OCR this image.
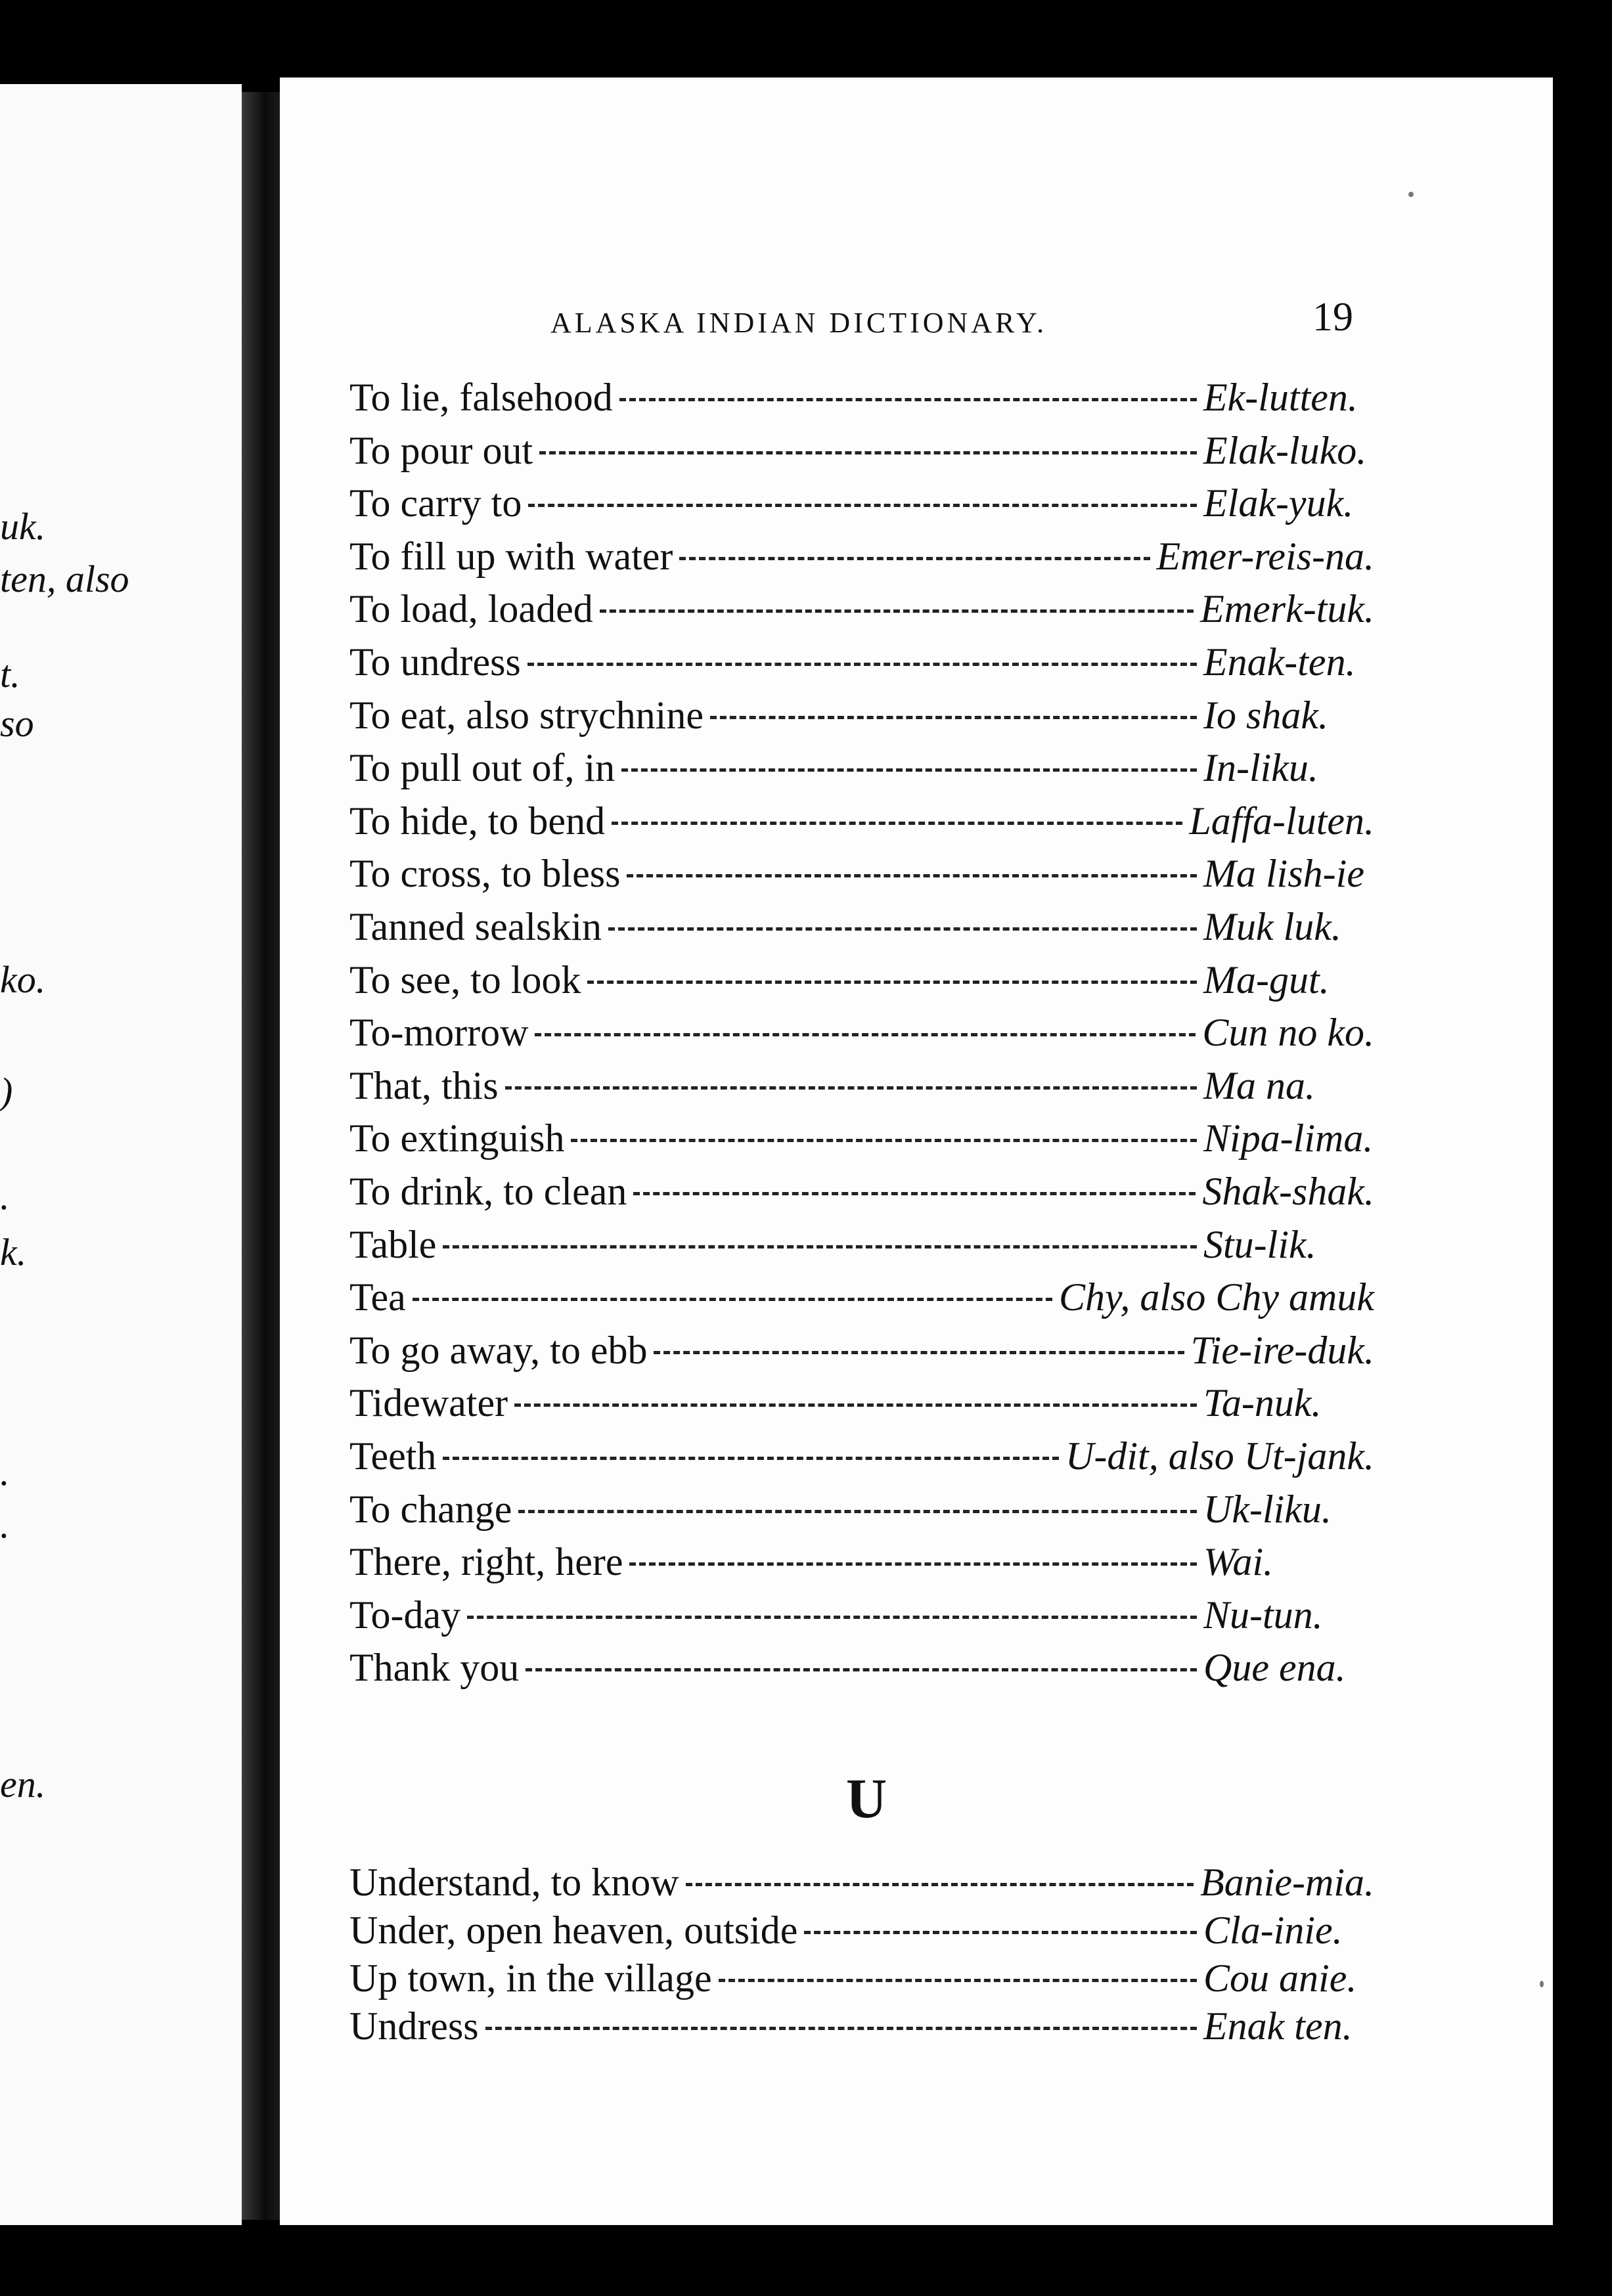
uk.
ten, also
t.
so
ko.
)
.
k.
.
.
en.
ALASKA INDIAN DICTIONARY.	19
To lie, falsehood	Ek-lutten.
To pour out	Elak-luko.
To carry to	Elak-yuk.
To fill up with water	Emer-reis-na.
To load, loaded	Emerk-tuk.
To undress	Enak-ten.
To eat, also strychnine	Io shak.
To pull out of, in	In-liku.
To hide, to bend	Laffa-luten.
To cross, to bless	Ma lish-ie
Tanned sealskin	Muk luk.
To see, to look	Ma-gut.
To-morrow	Cun no ko.
That, this	Ma na.
To extinguish	Nipa-lima.
To drink, to clean	Shak-shak.
Table	Stu-lik.
Tea	Chy, also Chy amuk
To go away, to ebb	Tie-ire-duk.
Tidewater	Ta-nuk.
Teeth	U-dit, also Ut-jank.
To change	Uk-liku.
There, right, here	Wai.
To-day	Nu-tun.
Thank you	Que ena.
Understand, to know	Banie-mia.
Under, open heaven, outside	Cla-inie.
Up town, in the village	Cou anie.
Undress	Enak ten.
U
